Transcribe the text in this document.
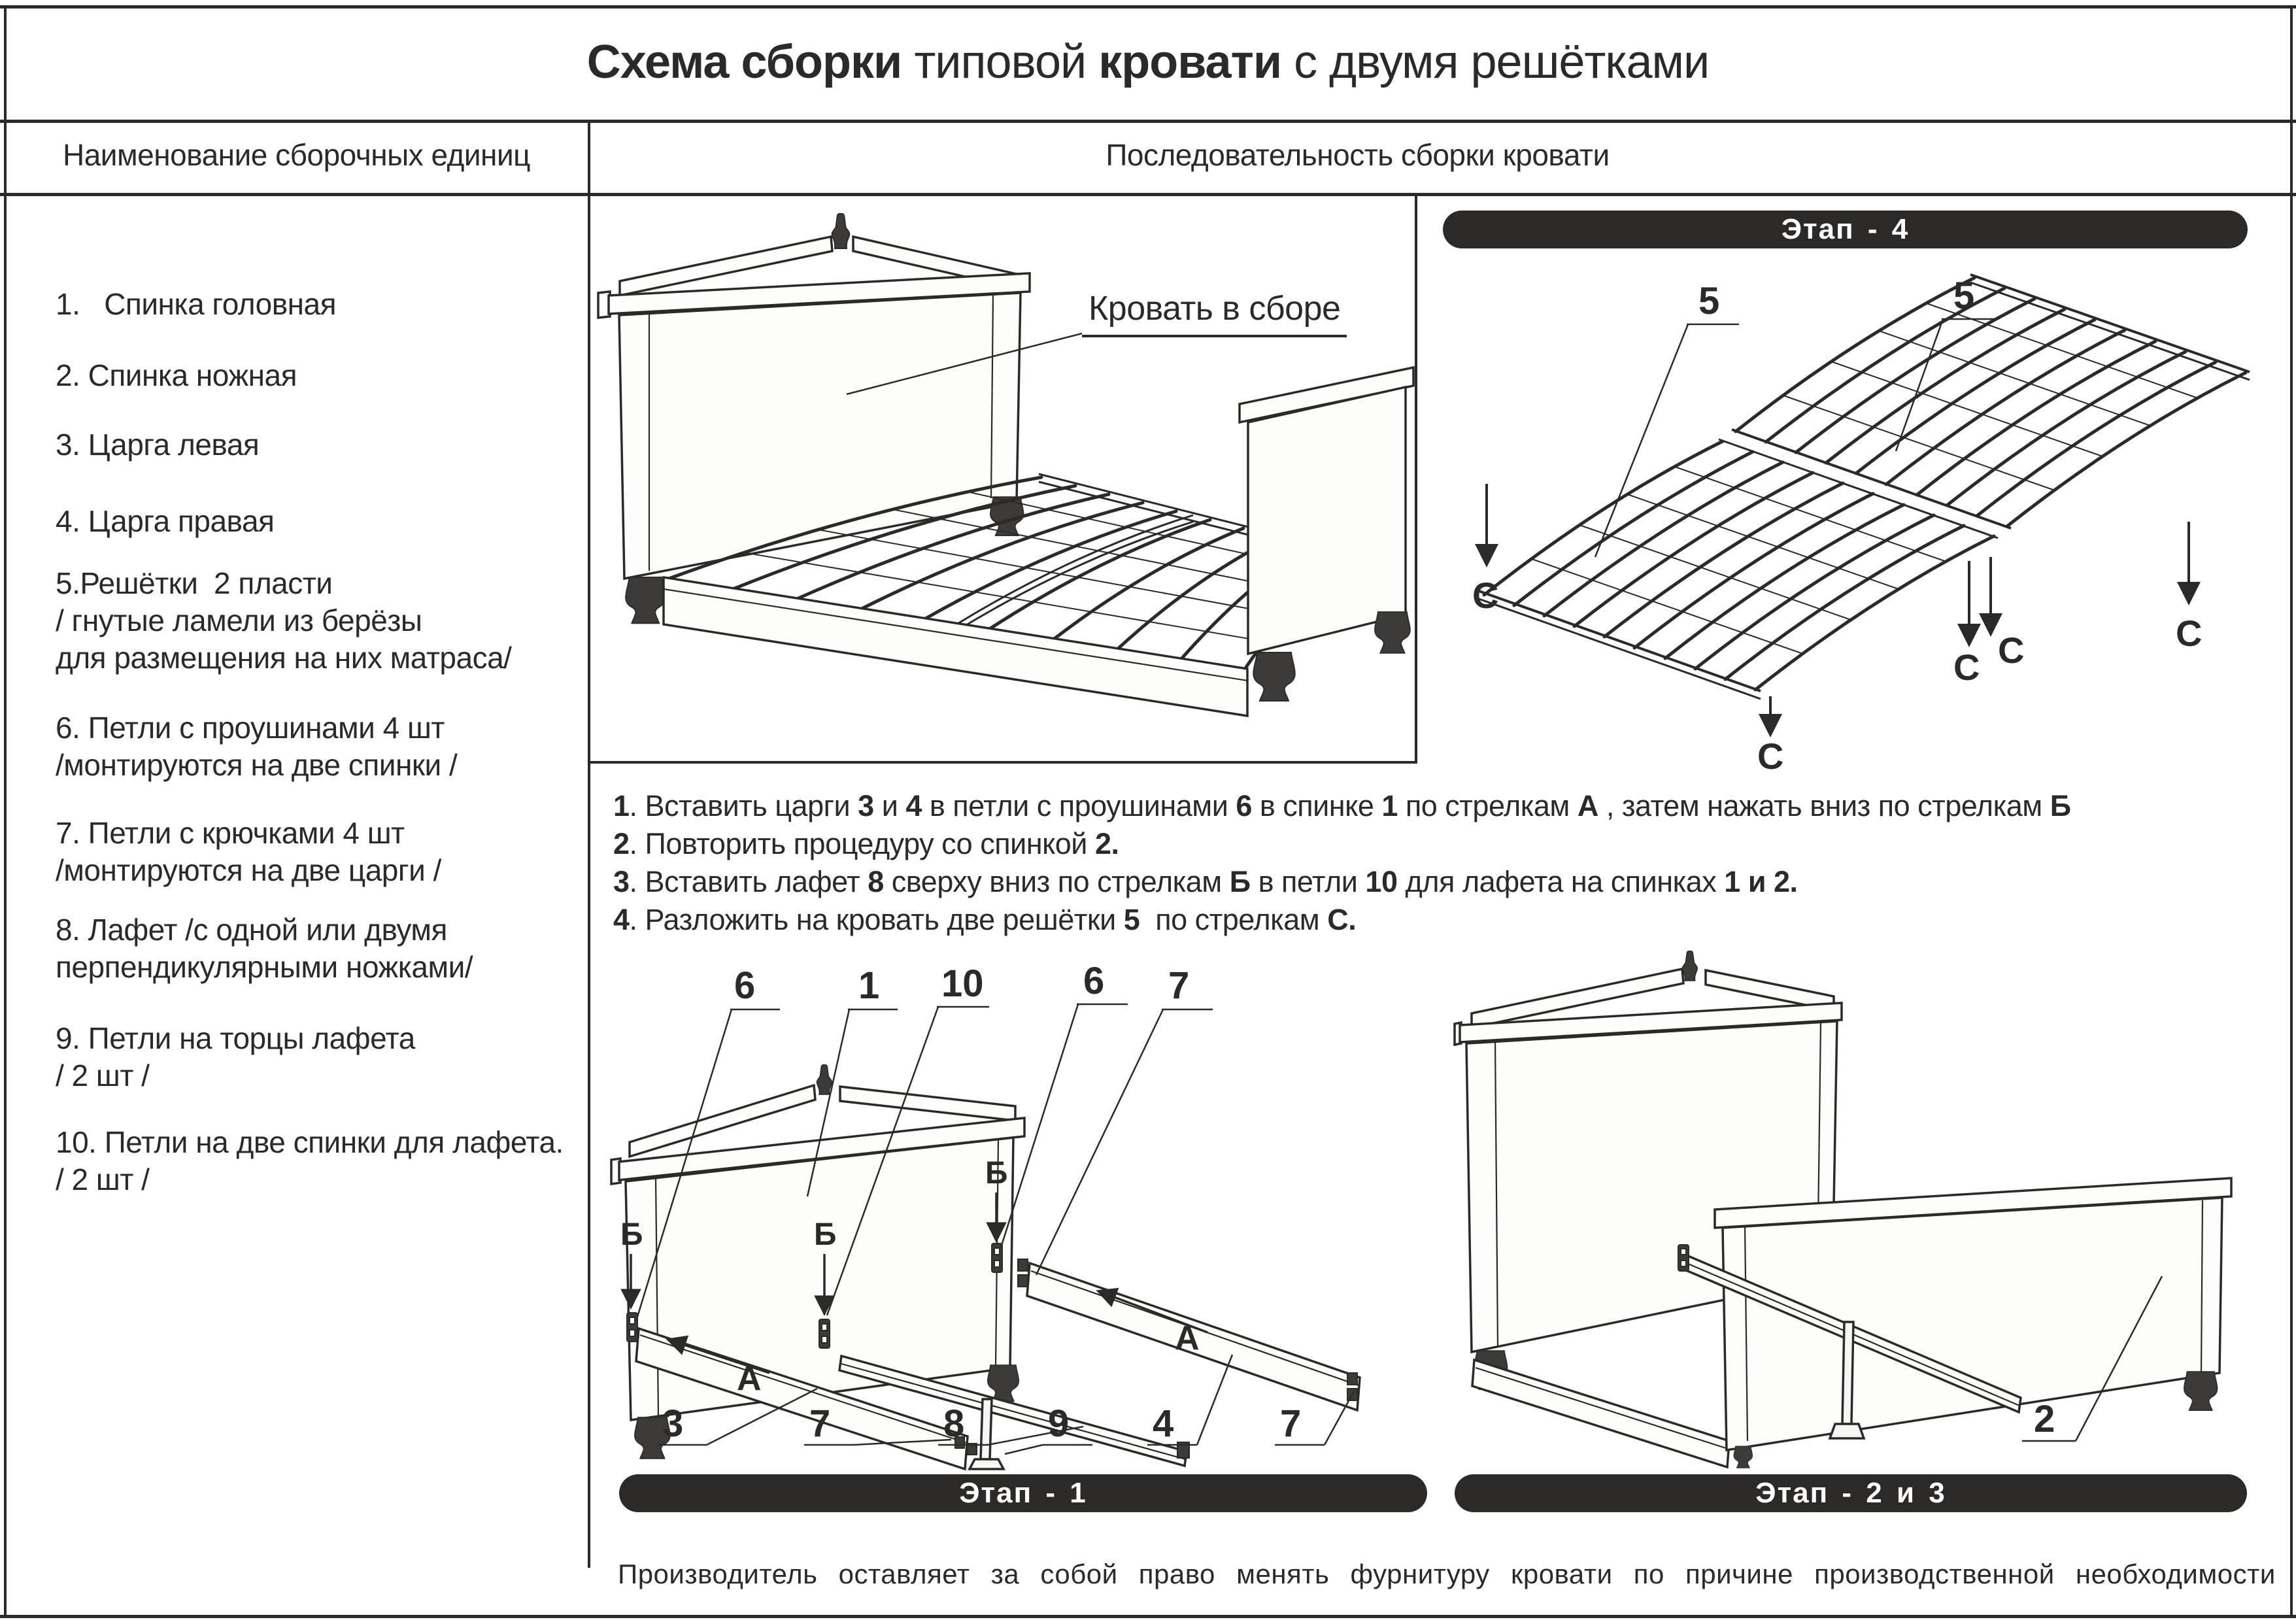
Схема сборки типовой кровати с двумя решётками
Наименование сборочных единиц	Последовательность сборки кровати
1.   Спинка головная
2. Спинка ножная
3. Царга левая
4. Царга правая
5.Решётки  2 пласти
/ гнутые ламели из берёзы
для размещения на них матраса/
6. Петли с проушинами 4 шт
/монтируются на две спинки /
7. Петли с крючками 4 шт
/монтируются на две царги /
8. Лафет /с одной или двумя
перпендикулярными ножками/
9. Петли на торцы лафета
/ 2 шт /
10. Петли на две спинки для лафета.
/ 2 шт /
Кровать в сборе
Этап - 4
5	5
С
С
С С	С
1. Вставить царги 3 и 4 в петли с проушинами 6 в спинке 1 по стрелкам А , затем нажать вниз по стрелкам Б
2. Повторить процедуру со спинкой 2.
3. Вставить лафет 8 сверху вниз по стрелкам Б в петли 10 для лафета на спинках 1 и 2.
4. Разложить на кровать две решётки 5  по стрелкам С.
А
А
6	1 10	6 7
Б	Б
Б
3	7	8 9 4	7	2
Этап - 1	Этап - 2 и 3
Производитель оставляет за собой право менять фурнитуру кровати по причине производственной необходимости
